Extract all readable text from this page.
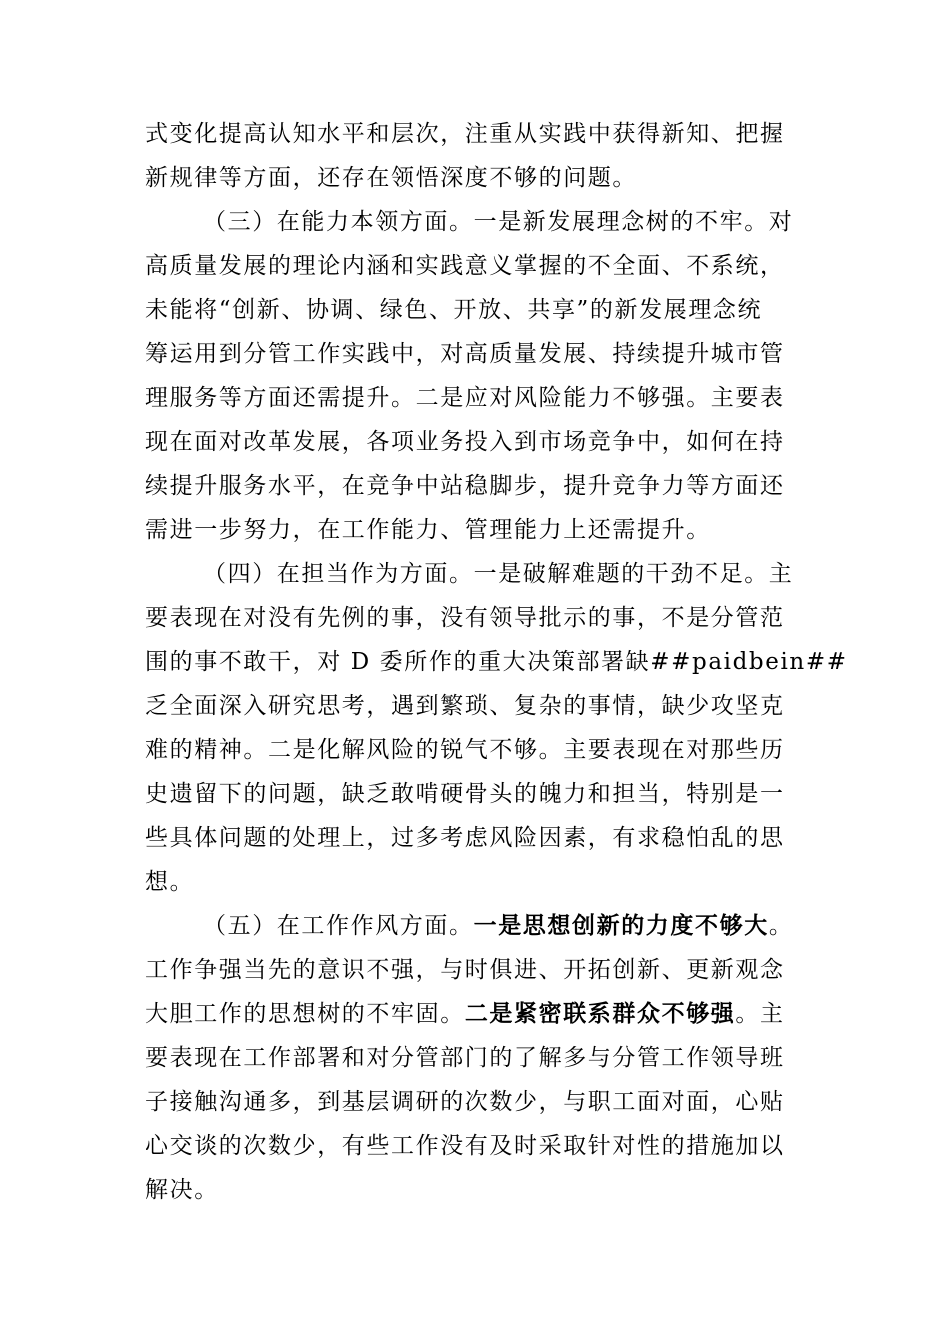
式变化提高认知水平和层次，注重从实践中获得新知、把握
新规律等方面，还存在领悟深度不够的问题。
（三）在能力本领方面。一是新发展理念树的不牢。对
高质量发展的理论内涵和实践意义掌握的不全面、不系统，
未能将“创新、协调、绿色、开放、共享”的新发展理念统
筹运用到分管工作实践中，对高质量发展、持续提升城市管
理服务等方面还需提升。二是应对风险能力不够强。主要表
现在面对改革发展，各项业务投入到市场竞争中，如何在持
续提升服务水平，在竞争中站稳脚步，提升竞争力等方面还
需进一步努力，在工作能力、管理能力上还需提升。
（四）在担当作为方面。一是破解难题的干劲不足。主
要表现在对没有先例的事，没有领导批示的事，不是分管范
围的事不敢干，对 D 委所作的重大决策部署缺##paidbein##
乏全面深入研究思考，遇到繁琐、复杂的事情，缺少攻坚克
难的精神。二是化解风险的锐气不够。主要表现在对那些历
史遗留下的问题，缺乏敢啃硬骨头的魄力和担当，特别是一
些具体问题的处理上，过多考虑风险因素，有求稳怕乱的思
想。
（五）在工作作风方面。一是思想创新的力度不够大。
工作争强当先的意识不强，与时俱进、开拓创新、更新观念
大胆工作的思想树的不牢固。二是紧密联系群众不够强。主
要表现在工作部署和对分管部门的了解多与分管工作领导班
子接触沟通多，到基层调研的次数少，与职工面对面，心贴
心交谈的次数少，有些工作没有及时采取针对性的措施加以
解决。
